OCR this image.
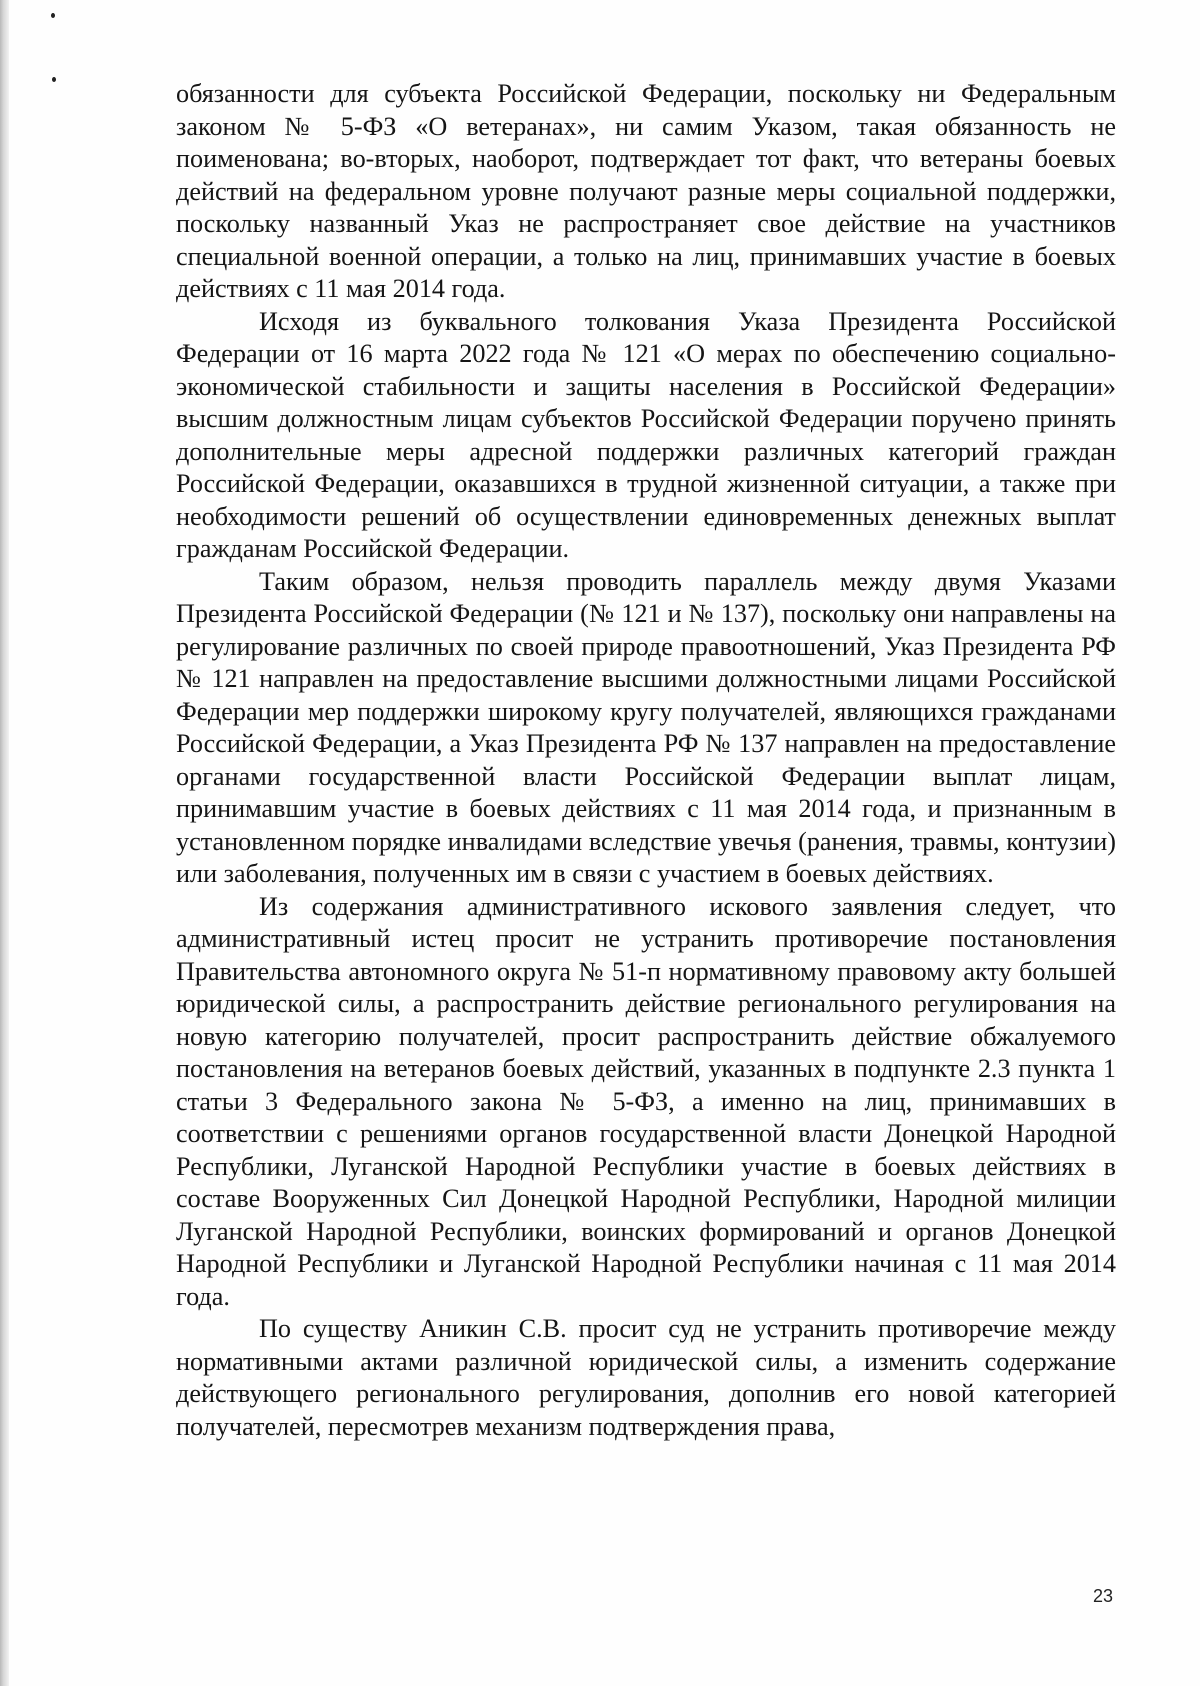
обязанности для субъекта Российской Федерации, поскольку ни Федеральным законом № 5-ФЗ «О ветеранах», ни самим Указом, такая обязанность не поименована; во-вторых, наоборот, подтверждает тот факт, что ветераны боевых действий на федеральном уровне получают разные меры социальной поддержки, поскольку названный Указ не распространяет свое действие на участников специальной военной операции, а только на лиц, принимавших участие в боевых действиях с 11 мая 2014 года.

Исходя из буквального толкования Указа Президента Российской Федерации от 16 марта 2022 года № 121 «О мерах по обеспечению социально-экономической стабильности и защиты населения в Российской Федерации» высшим должностным лицам субъектов Российской Федерации поручено принять дополнительные меры адресной поддержки различных категорий граждан Российской Федерации, оказавшихся в трудной жизненной ситуации, а также при необходимости решений об осуществлении единовременных денежных выплат гражданам Российской Федерации.

Таким образом, нельзя проводить параллель между двумя Указами Президента Российской Федерации (№ 121 и № 137), поскольку они направлены на регулирование различных по своей природе правоотношений, Указ Президента РФ № 121 направлен на предоставление высшими должностными лицами Российской Федерации мер поддержки широкому кругу получателей, являющихся гражданами Российской Федерации, а Указ Президента РФ № 137 направлен на предоставление органами государственной власти Российской Федерации выплат лицам, принимавшим участие в боевых действиях с 11 мая 2014 года, и признанным в установленном порядке инвалидами вследствие увечья (ранения, травмы, контузии) или заболевания, полученных им в связи с участием в боевых действиях.

Из содержания административного искового заявления следует, что административный истец просит не устранить противоречие постановления Правительства автономного округа № 51-п нормативному правовому акту большей юридической силы, а распространить действие регионального регулирования на новую категорию получателей, просит распространить действие обжалуемого постановления на ветеранов боевых действий, указанных в подпункте 2.3 пункта 1 статьи 3 Федерального закона № 5-ФЗ, а именно на лиц, принимавших в соответствии с решениями органов государственной власти Донецкой Народной Республики, Луганской Народной Республики участие в боевых действиях в составе Вооруженных Сил Донецкой Народной Республики, Народной милиции Луганской Народной Республики, воинских формирований и органов Донецкой Народной Республики и Луганской Народной Республики начиная с 11 мая 2014 года.

По существу Аникин С.В. просит суд не устранить противоречие между нормативными актами различной юридической силы, а изменить содержание действующего регионального регулирования, дополнив его новой категорией получателей, пересмотрев механизм подтверждения права,

23
